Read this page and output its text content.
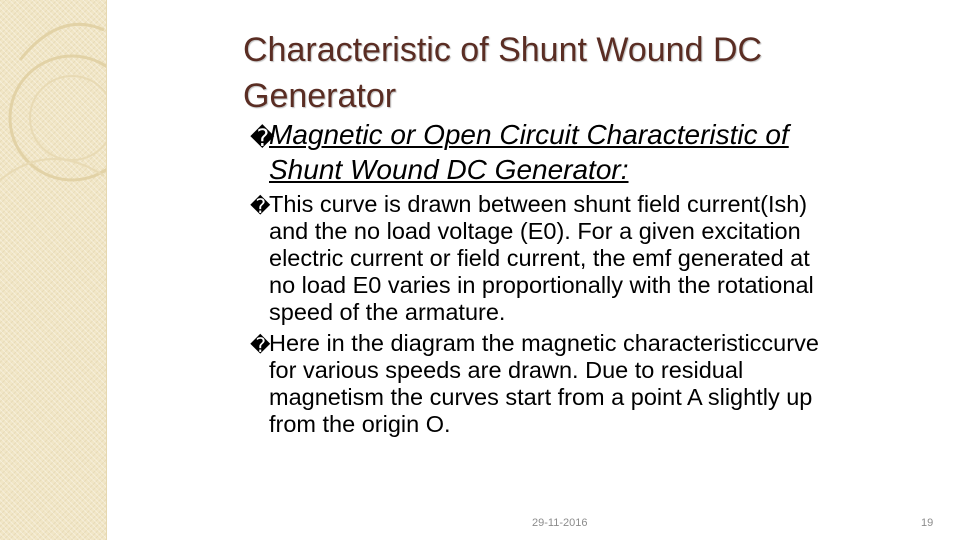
Characteristic of Shunt Wound DC Generator

�
Magnetic or Open Circuit Characteristic of Shunt Wound DC Generator:

�
This curve is drawn between shunt field current(Ish) and the no load voltage (E0). For a given excitation electric current or field current, the emf generated at no load E0 varies in proportionally with the rotational speed of the armature.

�
Here in the diagram the magnetic characteristiccurve for various speeds are drawn. Due to residual magnetism the curves start from a point A slightly up from the origin O.

29-11-2016	19
